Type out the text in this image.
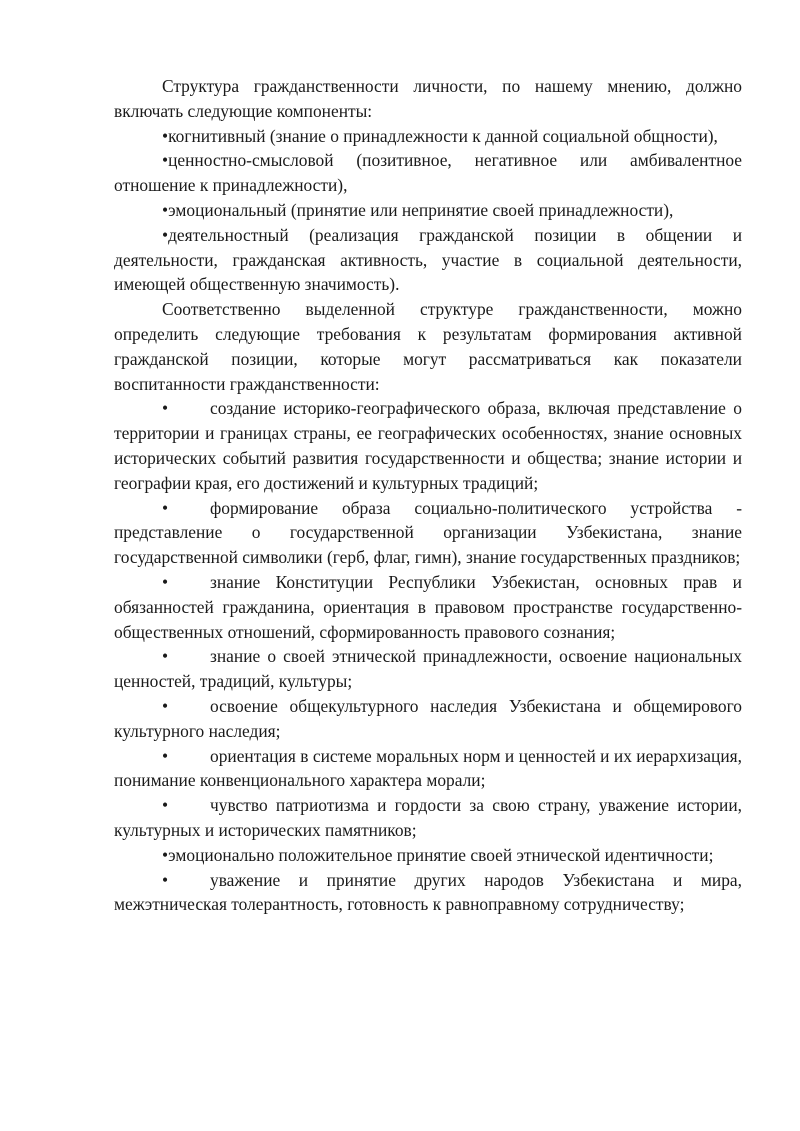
Структура гражданственности личности, по нашему мнению, должно включать следующие компоненты:

•когнитивный (знание о принадлежности к данной социальной общности),

•ценностно-смысловой (позитивное, негативное или амбивалентное отношение к принадлежности),

•эмоциональный (принятие или непринятие своей принадлежности),

•деятельностный (реализация гражданской позиции в общении и деятельности, гражданская активность, участие в социальной деятельности, имеющей общественную значимость).

Соответственно выделенной структуре гражданственности, можно определить следующие требования к результатам формирования активной гражданской позиции, которые могут рассматриваться как показатели воспитанности гражданственности:

• создание историко-географического образа, включая представление о территории и границах страны, ее географических особенностях, знание основных исторических событий развития государственности и общества; знание истории и географии края, его достижений и культурных традиций;

• формирование образа социально-политического устройства - представление о государственной организации Узбекистана, знание государственной символики (герб, флаг, гимн), знание государственных праздников;

• знание Конституции Республики Узбекистан, основных прав и обязанностей гражданина, ориентация в правовом пространстве государственно-общественных отношений, сформированность правового сознания;

• знание о своей этнической принадлежности, освоение национальных ценностей, традиций, культуры;

• освоение общекультурного наследия Узбекистана и общемирового культурного наследия;

• ориентация в системе моральных норм и ценностей и их иерархизация, понимание конвенционального характера морали;

• чувство патриотизма и гордости за свою страну, уважение истории, культурных и исторических памятников;

•эмоционально положительное принятие своей этнической идентичности;

• уважение и принятие других народов Узбекистана и мира, межэтническая толерантность, готовность к равноправному сотрудничеству;
